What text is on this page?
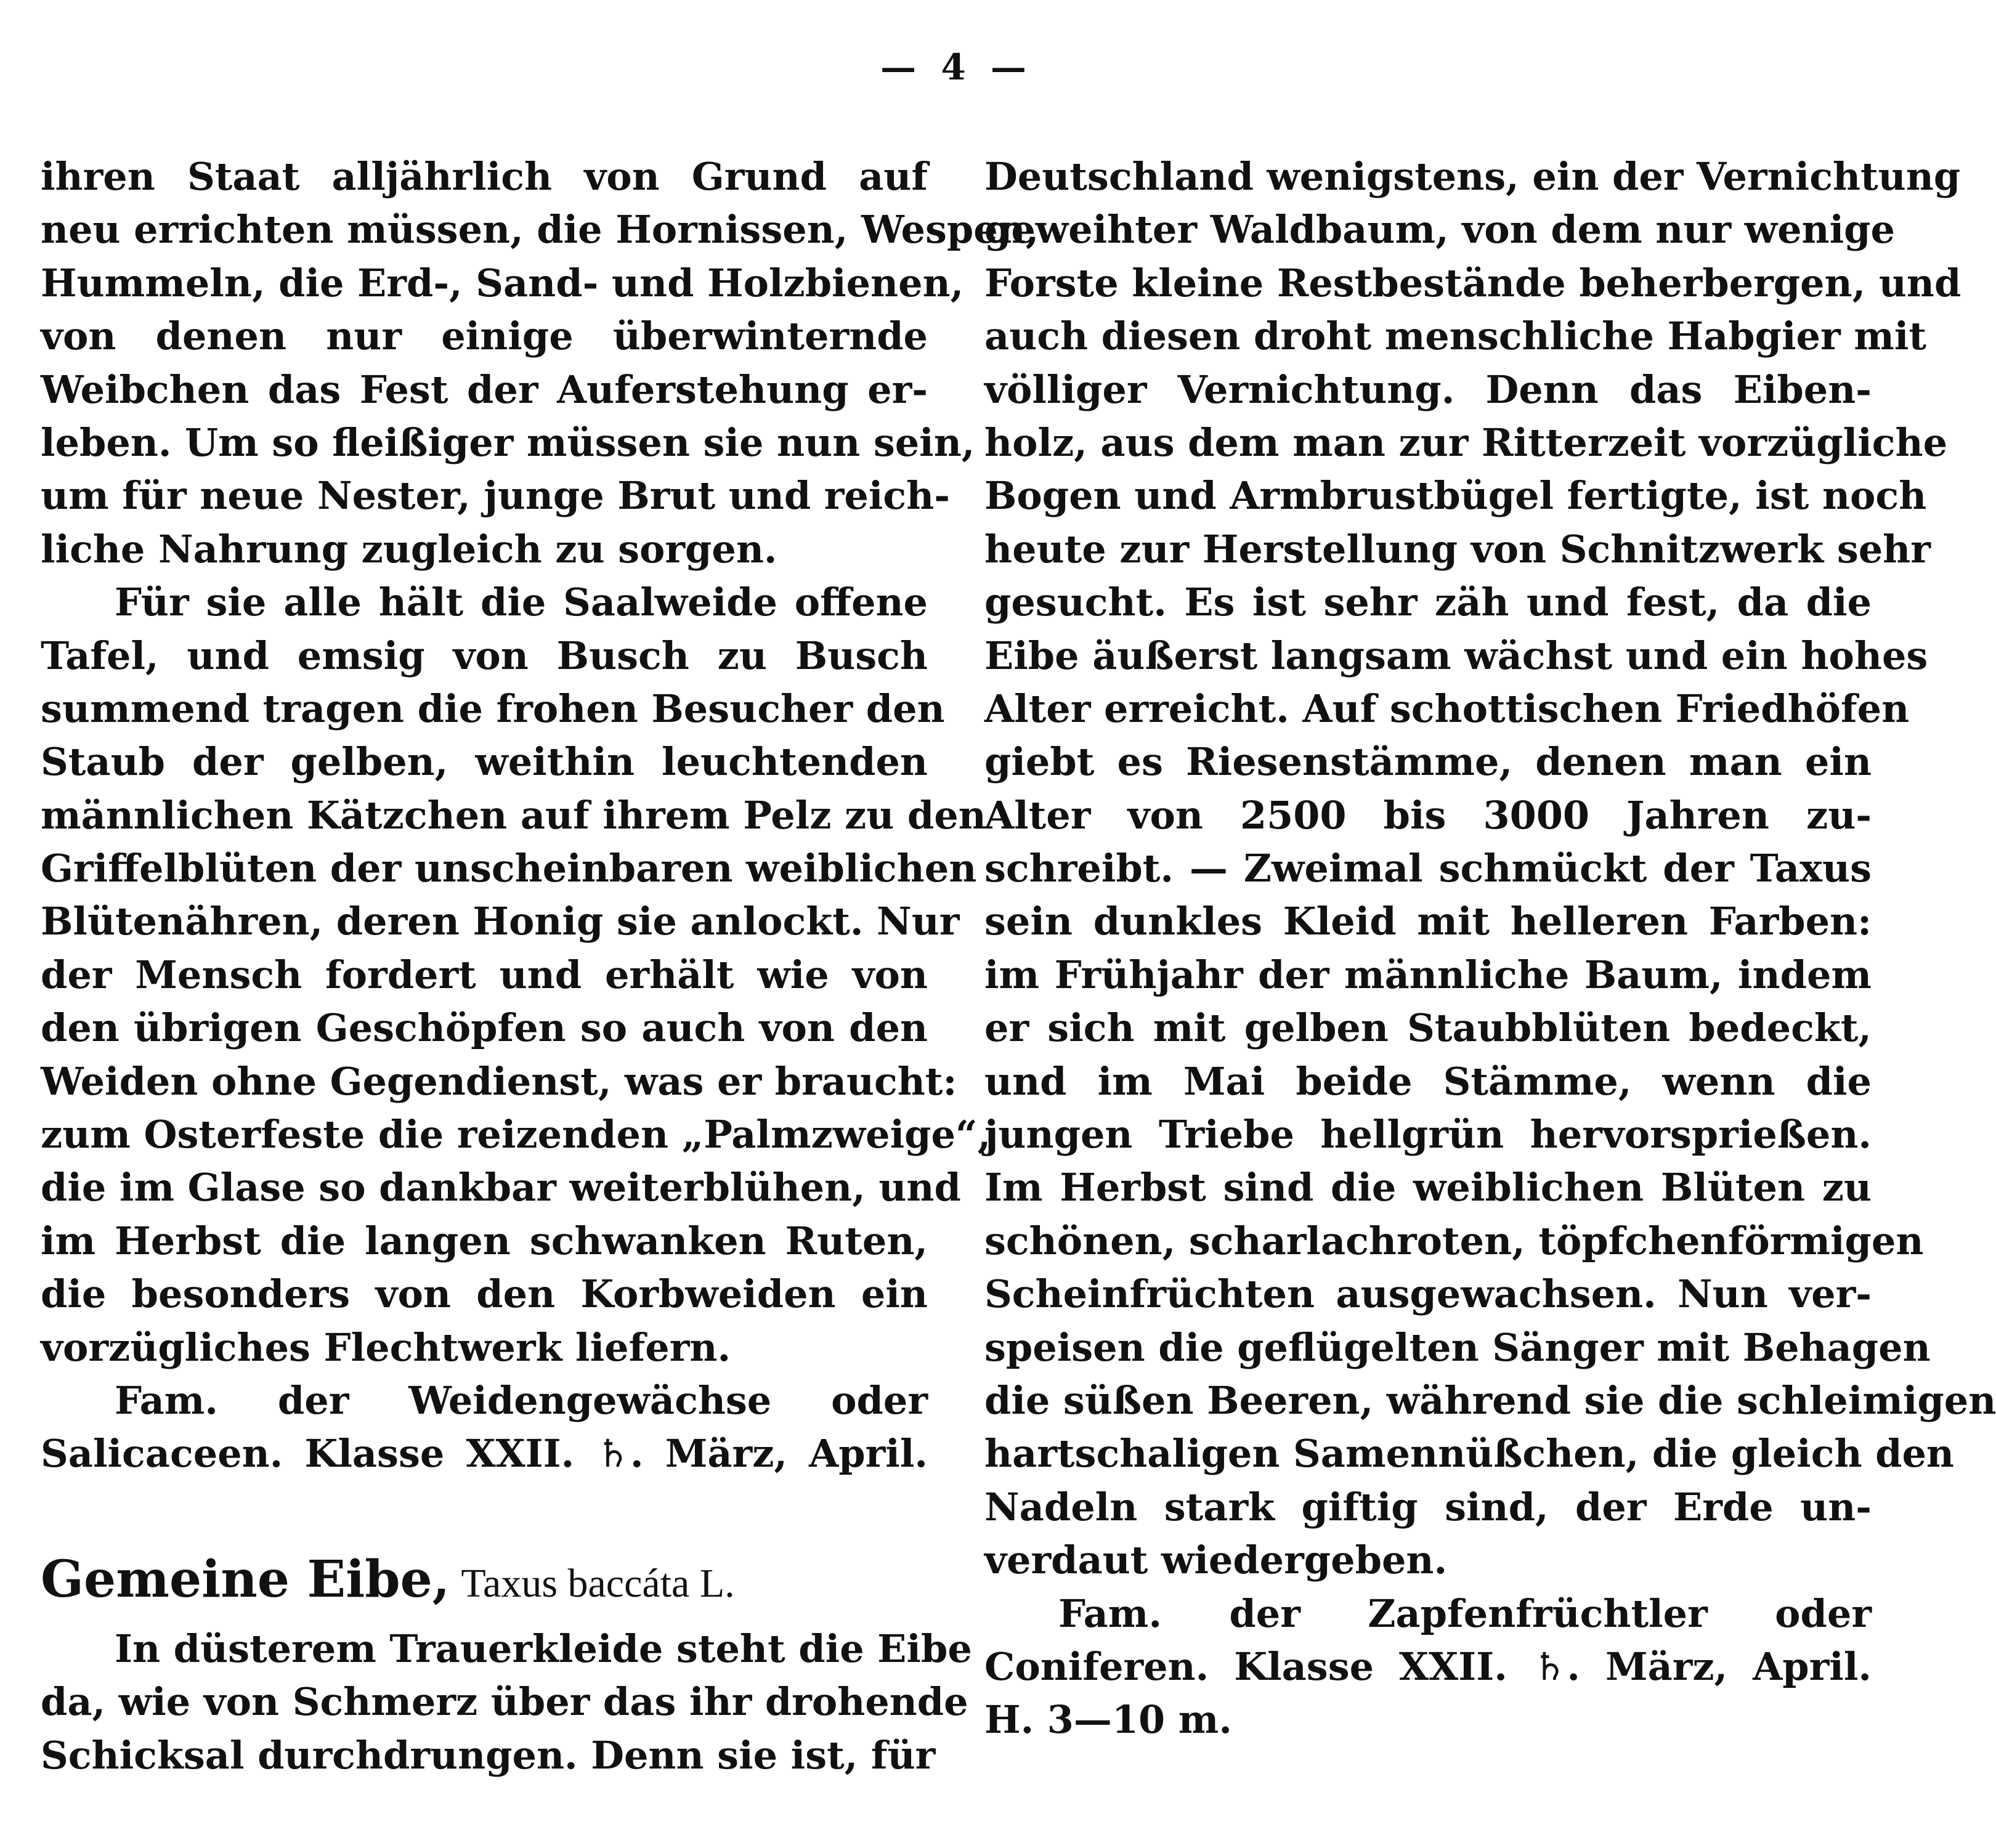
— 4 —
ihren Staat alljährlich von Grund auf
neu errichten müssen, die Hornissen, Wespen,
Hummeln, die Erd-, Sand- und Holzbienen,
von denen nur einige überwinternde
Weibchen das Fest der Auferstehung er-
leben. Um so fleißiger müssen sie nun sein,
um für neue Nester, junge Brut und reich-
liche Nahrung zugleich zu sorgen.
Für sie alle hält die Saalweide offene
Tafel, und emsig von Busch zu Busch
summend tragen die frohen Besucher den
Staub der gelben, weithin leuchtenden
männlichen Kätzchen auf ihrem Pelz zu den
Griffelblüten der unscheinbaren weiblichen
Blütenähren, deren Honig sie anlockt. Nur
der Mensch fordert und erhält wie von
den übrigen Geschöpfen so auch von den
Weiden ohne Gegendienst, was er braucht:
zum Osterfeste die reizenden „Palmzweige“,
die im Glase so dankbar weiterblühen, und
im Herbst die langen schwanken Ruten,
die besonders von den Korbweiden ein
vorzügliches Flechtwerk liefern.
Fam. der Weidengewächse oder
Salicaceen. Klasse XXII. ♄. März, April.
Gemeine Eibe, Taxus baccáta L.
In düsterem Trauerkleide steht die Eibe
da, wie von Schmerz über das ihr drohende
Schicksal durchdrungen. Denn sie ist, für
Deutschland wenigstens, ein der Vernichtung
geweihter Waldbaum, von dem nur wenige
Forste kleine Restbestände beherbergen, und
auch diesen droht menschliche Habgier mit
völliger Vernichtung. Denn das Eiben-
holz, aus dem man zur Ritterzeit vorzügliche
Bogen und Armbrustbügel fertigte, ist noch
heute zur Herstellung von Schnitzwerk sehr
gesucht. Es ist sehr zäh und fest, da die
Eibe äußerst langsam wächst und ein hohes
Alter erreicht. Auf schottischen Friedhöfen
giebt es Riesenstämme, denen man ein
Alter von 2500 bis 3000 Jahren zu-
schreibt. — Zweimal schmückt der Taxus
sein dunkles Kleid mit helleren Farben:
im Frühjahr der männliche Baum, indem
er sich mit gelben Staubblüten bedeckt,
und im Mai beide Stämme, wenn die
jungen Triebe hellgrün hervorsprießen.
Im Herbst sind die weiblichen Blüten zu
schönen, scharlachroten, töpfchenförmigen
Scheinfrüchten ausgewachsen. Nun ver-
speisen die geflügelten Sänger mit Behagen
die süßen Beeren, während sie die schleimigen
hartschaligen Samennüßchen, die gleich den
Nadeln stark giftig sind, der Erde un-
verdaut wiedergeben.
Fam. der Zapfenfrüchtler oder
Coniferen. Klasse XXII. ♄. März, April.
H. 3—10 m.
